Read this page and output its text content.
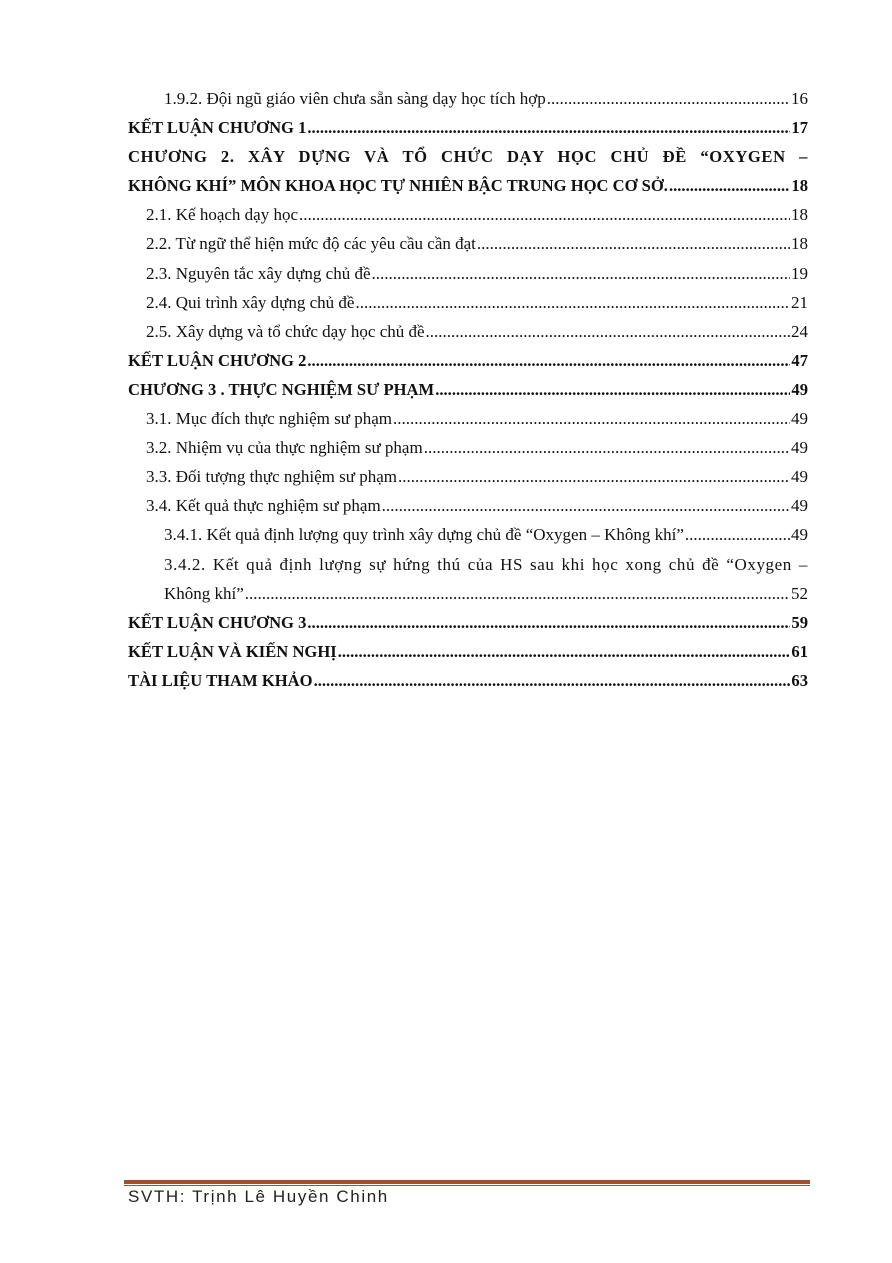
1.9.2. Đội ngũ giáo viên chưa sẵn sàng dạy học tích hợp .....	16
KẾT LUẬN CHƯƠNG 1 .....	17
CHƯƠNG 2. XÂY DỰNG VÀ TỔ CHỨC DẠY HỌC CHỦ ĐỀ “OXYGEN –
KHÔNG KHÍ” MÔN KHOA HỌC TỰ NHIÊN BẬC TRUNG HỌC CƠ SỞ. .....	18
2.1. Kế hoạch dạy học .....	18
2.2. Từ ngữ thể hiện mức độ các yêu cầu cần đạt .....	18
2.3. Nguyên tắc xây dựng chủ đề .....	19
2.4. Qui trình xây dựng chủ đề .....	21
2.5. Xây dựng và tổ chức dạy học chủ đề .....	24
KẾT LUẬN CHƯƠNG 2 .....	47
CHƯƠNG 3 . THỰC NGHIỆM SƯ PHẠM .....	49
3.1. Mục đích thực nghiệm sư phạm .....	49
3.2. Nhiệm vụ của thực nghiệm sư phạm .....	49
3.3. Đối tượng thực nghiệm sư phạm .....	49
3.4. Kết quả thực nghiệm sư phạm .....	49
3.4.1. Kết quả định lượng quy trình xây dựng chủ đề “Oxygen – Không khí” .....	49
3.4.2. Kết quả định lượng sự hứng thú của HS sau khi học xong chủ đề “Oxygen –
Không khí” .....	52
KẾT LUẬN CHƯƠNG 3 .....	59
KẾT LUẬN VÀ KIẾN NGHỊ .....	61
TÀI LIỆU THAM KHẢO .....	63
SVTH: Trịnh Lê Huyền Chinh
